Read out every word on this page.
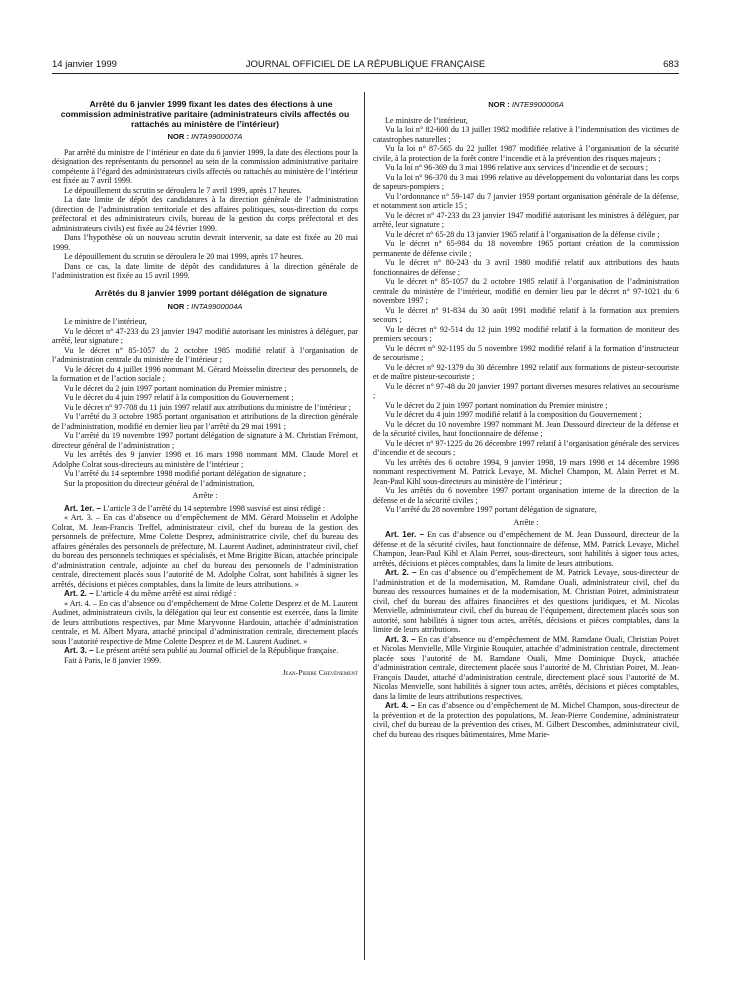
14 janvier 1999	JOURNAL OFFICIEL DE LA RÉPUBLIQUE FRANÇAISE	683

Arrêté du 6 janvier 1999 fixant les dates des élections à une commission administrative paritaire (administrateurs civils affectés ou rattachés au ministère de l’intérieur)

NOR : INTA9900007A

Par arrêté du ministre de l’intérieur en date du 6 janvier 1999, la date des élections pour la désignation des représentants du personnel au sein de la commission administrative paritaire compétente à l’égard des administrateurs civils affectés ou rattachés au ministère de l’intérieur est fixée au 7 avril 1999.

Le dépouillement du scrutin se déroulera le 7 avril 1999, après 17 heures.

La date limite de dépôt des candidatures à la direction générale de l’administration (direction de l’administration territoriale et des affaires politiques, sous-direction du corps préfectoral et des administrateurs civils, bureau de la gestion du corps préfectoral et des administrateurs civils) est fixée au 24 février 1999.

Dans l’hypothèse où un nouveau scrutin devrait intervenir, sa date est fixée au 20 mai 1999.

Le dépouillement du scrutin se déroulera le 20 mai 1999, après 17 heures.

Dans ce cas, la date limite de dépôt des candidatures à la direction générale de l’administration est fixée au 15 avril 1999.

Arrêtés du 8 janvier 1999 portant délégation de signature

NOR : INTA9900004A

Le ministre de l’intérieur,

Vu le décret n° 47-233 du 23 janvier 1947 modifié autorisant les ministres à déléguer, par arrêté, leur signature ;

Vu le décret n° 85-1057 du 2 octobre 1985 modifié relatif à l’organisation de l’administration centrale du ministère de l’intérieur ;

Vu le décret du 4 juillet 1996 nommant M. Gérard Moisselin directeur des personnels, de la formation et de l’action sociale ;

Vu le décret du 2 juin 1997 portant nomination du Premier ministre ;

Vu le décret du 4 juin 1997 relatif à la composition du Gouvernement ;

Vu le décret n° 97-708 du 11 juin 1997 relatif aux attributions du ministre de l’intérieur ;

Vu l’arrêté du 3 octobre 1985 portant organisation et attributions de la direction générale de l’administration, modifié en dernier lieu par l’arrêté du 29 mai 1991 ;

Vu l’arrêté du 19 novembre 1997 portant délégation de signature à M. Christian Frémont, directeur général de l’administration ;

Vu les arrêtés des 9 janvier 1998 et 16 mars 1998 nommant MM. Claude Morel et Adolphe Colrat sous-directeurs au ministère de l’intérieur ;

Vu l’arrêté du 14 septembre 1998 modifié portant délégation de signature ;

Sur la proposition du directeur général de l’administration,

Arrête :

Art. 1er. – L’article 3 de l’arrêté du 14 septembre 1998 susvisé est ainsi rédigé :

« Art. 3. – En cas d’absence ou d’empêchement de MM. Gérard Moisselin et Adolphe Colrat, M. Jean-Francis Treffel, administrateur civil, chef du bureau de la gestion des personnels de préfecture, Mme Colette Desprez, administratrice civile, chef du bureau des affaires générales des personnels de préfecture, M. Laurent Audinet, administrateur civil, chef du bureau des personnels techniques et spécialisés, et Mme Brigitte Bican, attachée principale d’administration centrale, adjointe au chef du bureau des personnels de l’administration centrale, directement placés sous l’autorité de M. Adolphe Colrat, sont habilités à signer les arrêtés, décisions et pièces comptables, dans la limite de leurs attributions. »

Art. 2. – L’article 4 du même arrêté est ainsi rédigé :

« Art. 4. – En cas d’absence ou d’empêchement de Mme Colette Desprez et de M. Laurent Audinet, administrateurs civils, la délégation qui leur est consentie est exercée, dans la limite de leurs attributions respectives, par Mme Maryvonne Hardouin, attachée d’administration centrale, et M. Albert Myara, attaché principal d’administration centrale, directement placés sous l’autorité respective de Mme Colette Desprez et de M. Laurent Audinet. »

Art. 3. – Le présent arrêté sera publié au Journal officiel de la République française.

Fait à Paris, le 8 janvier 1999.

Jean-Pierre Chevènement
NOR : INTE9900006A

Le ministre de l’intérieur,

Vu la loi n° 82-600 du 13 juillet 1982 modifiée relative à l’indemnisation des victimes de catastrophes naturelles ;

Vu la loi n° 87-565 du 22 juillet 1987 modifiée relative à l’organisation de la sécurité civile, à la protection de la forêt contre l’incendie et à la prévention des risques majeurs ;

Vu la loi n° 96-369 du 3 mai 1996 relative aux services d’incendie et de secours ;

Vu la loi n° 96-370 du 3 mai 1996 relative au développement du volontariat dans les corps de sapeurs-pompiers ;

Vu l’ordonnance n° 59-147 du 7 janvier 1959 portant organisation générale de la défense, et notamment son article 15 ;

Vu le décret n° 47-233 du 23 janvier 1947 modifié autorisant les ministres à déléguer, par arrêté, leur signature ;

Vu le décret n° 65-28 du 13 janvier 1965 relatif à l’organisation de la défense civile ;

Vu le décret n° 65-984 du 18 novembre 1965 portant création de la commission permanente de défense civile ;

Vu le décret n° 80-243 du 3 avril 1980 modifié relatif aux attributions des hauts fonctionnaires de défense ;

Vu le décret n° 85-1057 du 2 octobre 1985 relatif à l’organisation de l’administration centrale du ministère de l’intérieur, modifié en dernier lieu par le décret n° 97-1021 du 6 novembre 1997 ;

Vu le décret n° 91-834 du 30 août 1991 modifié relatif à la formation aux premiers secours ;

Vu le décret n° 92-514 du 12 juin 1992 modifié relatif à la formation de moniteur des premiers secours ;

Vu le décret n° 92-1195 du 5 novembre 1992 modifié relatif à la formation d’instructeur de secourisme ;

Vu le décret n° 92-1379 du 30 décembre 1992 relatif aux formations de pisteur-secouriste et de maître pisteur-secouriste ;

Vu le décret n° 97-48 du 20 janvier 1997 portant diverses mesures relatives au secourisme ;

Vu le décret du 2 juin 1997 portant nomination du Premier ministre ;

Vu le décret du 4 juin 1997 modifié relatif à la composition du Gouvernement ;

Vu le décret du 10 novembre 1997 nommant M. Jean Dussourd directeur de la défense et de la sécurité civiles, haut fonctionnaire de défense ;

Vu le décret n° 97-1225 du 26 décembre 1997 relatif à l’organisation générale des services d’incendie et de secours ;

Vu les arrêtés des 6 octobre 1994, 9 janvier 1998, 19 mars 1998 et 14 décembre 1998 nommant respectivement M. Patrick Levaye, M. Michel Champon, M. Alain Perret et M. Jean-Paul Kihl sous-directeurs au ministère de l’intérieur ;

Vu les arrêtés du 6 novembre 1997 portant organisation interne de la direction de la défense et de la sécurité civiles ;

Vu l’arrêté du 28 novembre 1997 portant délégation de signature,

Arrête :

Art. 1er. – En cas d’absence ou d’empêchement de M. Jean Dussourd, directeur de la défense et de la sécurité civiles, haut fonctionnaire de défense, MM. Patrick Levaye, Michel Champon, Jean-Paul Kihl et Alain Perret, sous-directeurs, sont habilités à signer tous actes, arrêtés, décisions et pièces comptables, dans la limite de leurs attributions.

Art. 2. – En cas d’absence ou d’empêchement de M. Patrick Levaye, sous-directeur de l’administration et de la modernisation, M. Ramdane Ouali, administrateur civil, chef du bureau des ressources humaines et de la modernisation, M. Christian Poiret, administrateur civil, chef du bureau des affaires financières et des questions juridiques, et M. Nicolas Menvielle, administrateur civil, chef du bureau de l’équipement, directement placés sous son autorité, sont habilités à signer tous actes, arrêtés, décisions et pièces comptables, dans la limite de leurs attributions.

Art. 3. – En cas d’absence ou d’empêchement de MM. Ramdane Ouali, Christian Poiret et Nicolas Menvielle, Mlle Virginie Rouquier, attachée d’administration centrale, directement placée sous l’autorité de M. Ramdane Ouali, Mme Dominique Duyck, attachée d’administration centrale, directement placée sous l’autorité de M. Christian Poiret, M. Jean-François Daudet, attaché d’administration centrale, directement placé sous l’autorité de M. Nicolas Menvielle, sont habilités à signer tous actes, arrêtés, décisions et pièces comptables, dans la limite de leurs attributions respectives.

Art. 4. – En cas d’absence ou d’empêchement de M. Michel Champon, sous-directeur de la prévention et de la protection des populations, M. Jean-Pierre Condemine, administrateur civil, chef du bureau de la prévention des crises, M. Gilbert Descombes, administrateur civil, chef du bureau des risques bâtimentaires, Mme Marie-
